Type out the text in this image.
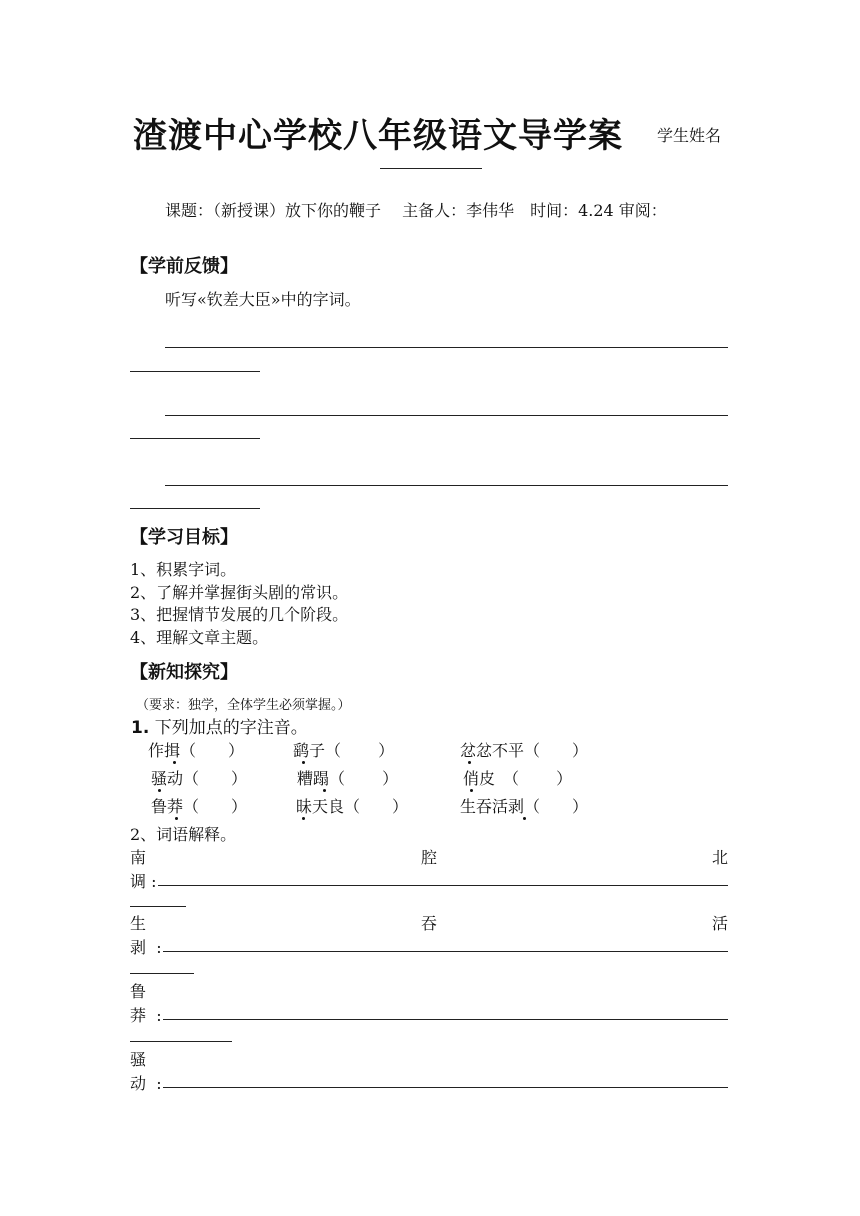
渣渡中心学校八年级语文导学案 学生姓名
课题：（新授课）放下你的鞭子　 主备人：李伟华　时间：4.24 审阅：
【学前反馈】
听写«钦差大臣»中的字词。
【学习目标】
1、积累字词。
2、了解并掌握街头剧的常识。
3、把握情节发展的几个阶段。
4、理解文章主题。
【新知探究】
（要求：独学，全体学生必须掌握。）
1. 下列加点的字注音。
作揖（　　）	鹞子（　　 ）	忿忿不平（　　）
骚动（　　）	糟蹋（　　 ）	俏皮　（　　 ）
鲁莽（　　）	昧天良（　　）	生吞活剥（　　）
2、词语解释。
南	腔	北
调 :
生	吞	活
剥  :
鲁
莽  :
骚
动  :
